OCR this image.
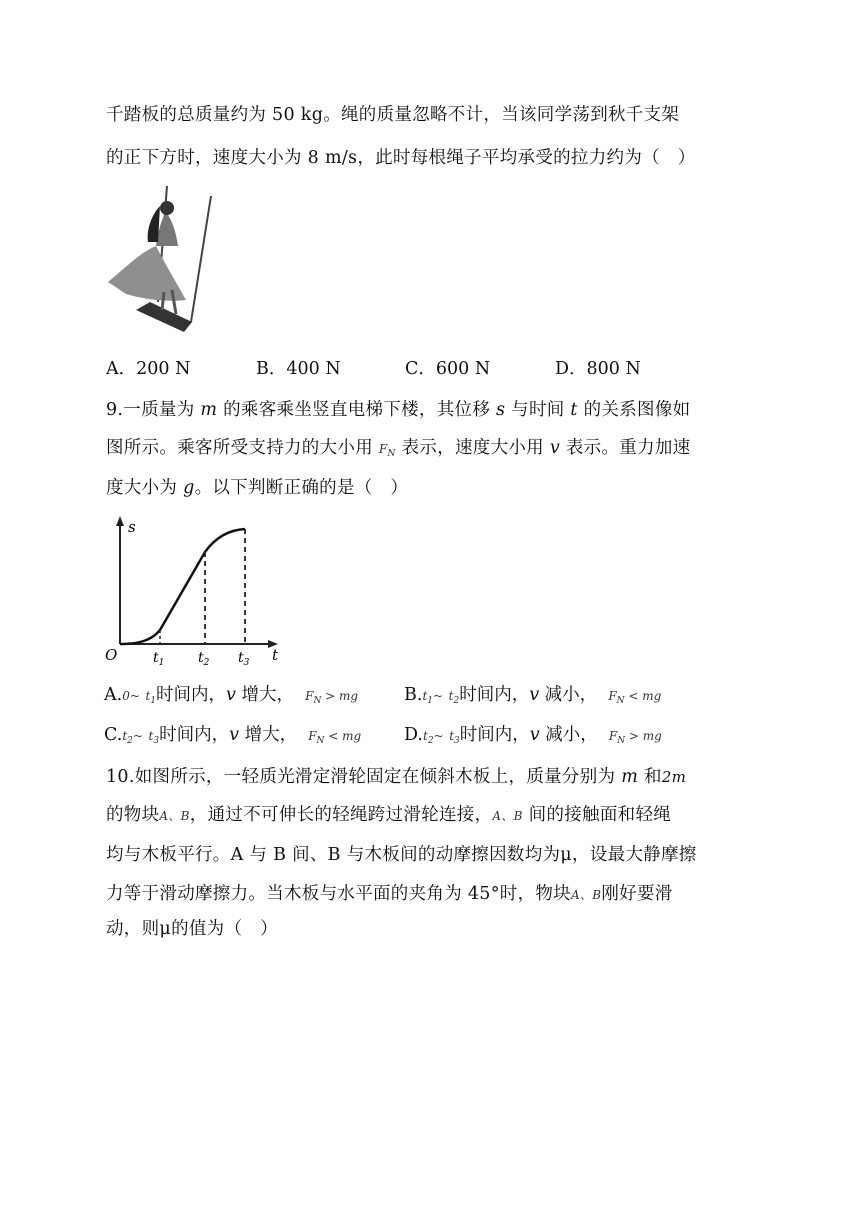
千踏板的总质量约为 50 kg。绳的质量忽略不计，当该同学荡到秋千支架
的正下方时，速度大小为 8 m/s，此时每根绳子平均承受的拉力约为（　）
A．200 N	B．400 N	C．600 N	D．800 N
9.一质量为 m 的乘客乘坐竖直电梯下楼，其位移 s 与时间 t 的关系图像如
图所示。乘客所受支持力的大小用 $F_N$ 表示，速度大小用 v 表示。重力加速
度大小为 g。以下判断正确的是（　）
s
t
O	$t_1$ $t_2$ $t_3$
A.0~ $t_1$时间内，v 增大， $F_N$ > mg	$B.t_1\sim$ $t_2$时间内，v 减小， $F_N$ < mg
$C.t_2\sim$ $t_3$时间内，v 增大， $F_N$ < mg $D.t_2\sim$ $t_3$时间内，v 减小， $F_N$ > mg
10.如图所示，一轻质光滑定滑轮固定在倾斜木板上，质量分别为 m 和2m
的物块A、B，通过不可伸长的轻绳跨过滑轮连接，A、B 间的接触面和轻绳
均与木板平行。A 与 B 间、B 与木板间的动摩擦因数均为μ，设最大静摩擦
力等于滑动摩擦力。当木板与水平面的夹角为 45°时，物块A、B刚好要滑
动，则μ的值为（　）
